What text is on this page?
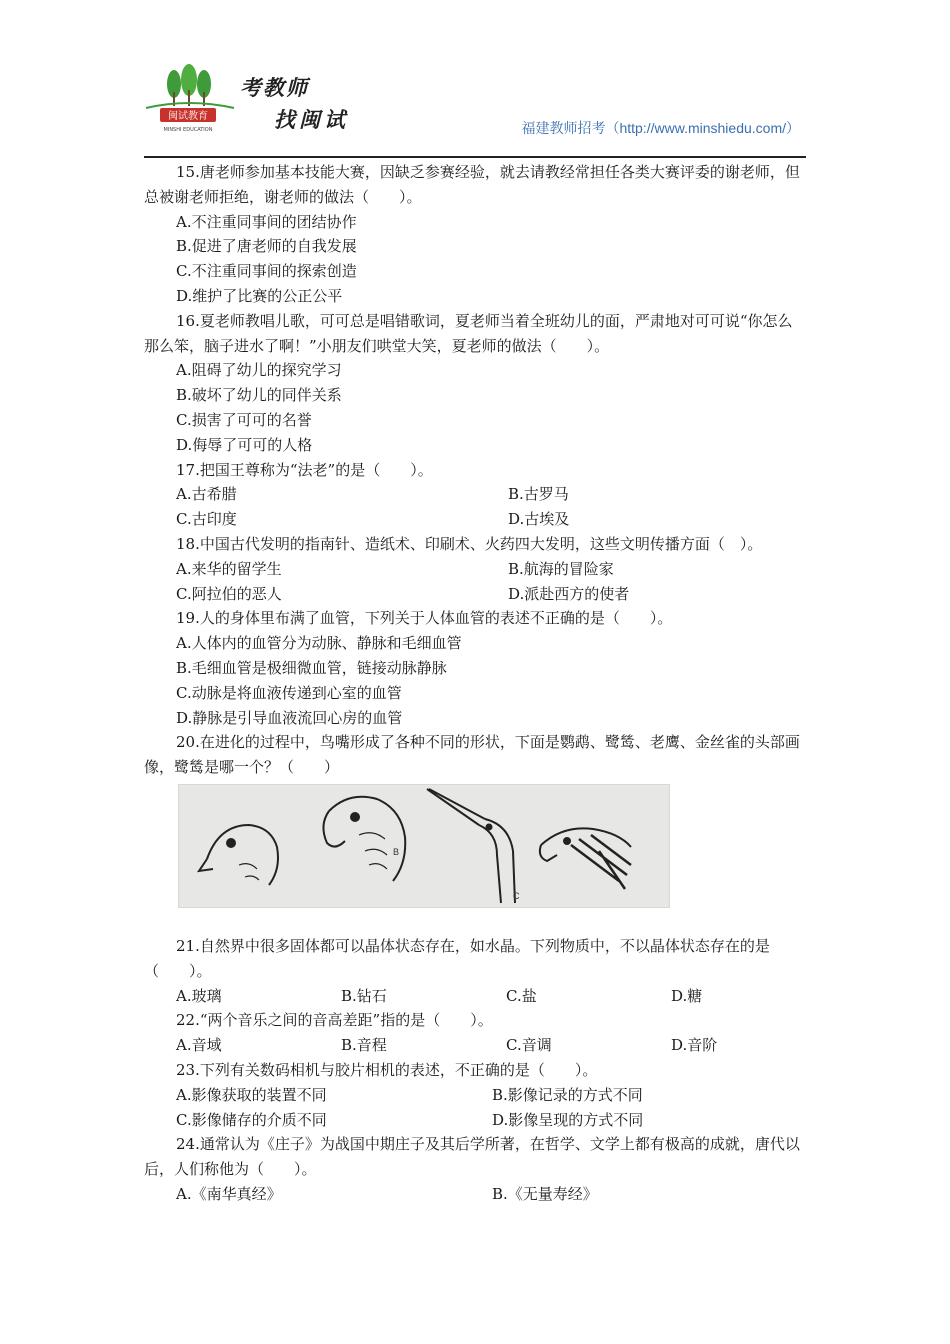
闽试教育
MINSHI EDUCATION
考教师
找闽试	福建教师招考（http://www.minshiedu.com/）

15.唐老师参加基本技能大赛，因缺乏参赛经验，就去请教经常担任各类大赛评委的谢老师，但总被谢老师拒绝，谢老师的做法（　　）。

A.不注重同事间的团结协作

B.促进了唐老师的自我发展

C.不注重同事间的探索创造

D.维护了比赛的公正公平

16.夏老师教唱儿歌，可可总是唱错歌词，夏老师当着全班幼儿的面，严肃地对可可说“你怎么那么笨，脑子进水了啊！”小朋友们哄堂大笑，夏老师的做法（　　）。

A.阻碍了幼儿的探究学习

B.破坏了幼儿的同伴关系

C.损害了可可的名誉

D.侮辱了可可的人格

17.把国王尊称为“法老”的是（　　）。

A.古希腊	B.古罗马
C.古印度	D.古埃及

18.中国古代发明的指南针、造纸术、印刷术、火药四大发明，这些文明传播方面（　）。

A.来华的留学生	B.航海的冒险家
C.阿拉伯的恶人	D.派赴西方的使者

19.人的身体里布满了血管，下列关于人体血管的表述不正确的是（　　）。

A.人体内的血管分为动脉、静脉和毛细血管

B.毛细血管是极细微血管，链接动脉静脉

C.动脉是将血液传递到心室的血管

D.静脉是引导血液流回心房的血管

20.在进化的过程中，鸟嘴形成了各种不同的形状，下面是鹦鹉、鹭鸶、老鹰、金丝雀的头部画像，鹭鸶是哪一个？（　　）

B
C

21.自然界中很多固体都可以晶体状态存在，如水晶。下列物质中，不以晶体状态存在的是（　　）。

A.玻璃	B.钻石	C.盐	D.糖

22.“两个音乐之间的音高差距”指的是（　　）。

A.音域	B.音程	C.音调	D.音阶

23.下列有关数码相机与胶片相机的表述，不正确的是（　　）。

A.影像获取的装置不同	B.影像记录的方式不同
C.影像储存的介质不同	D.影像呈现的方式不同

24.通常认为《庄子》为战国中期庄子及其后学所著，在哲学、文学上都有极高的成就，唐代以后，人们称他为（　　）。

A.《南华真经》	B.《无量寿经》
